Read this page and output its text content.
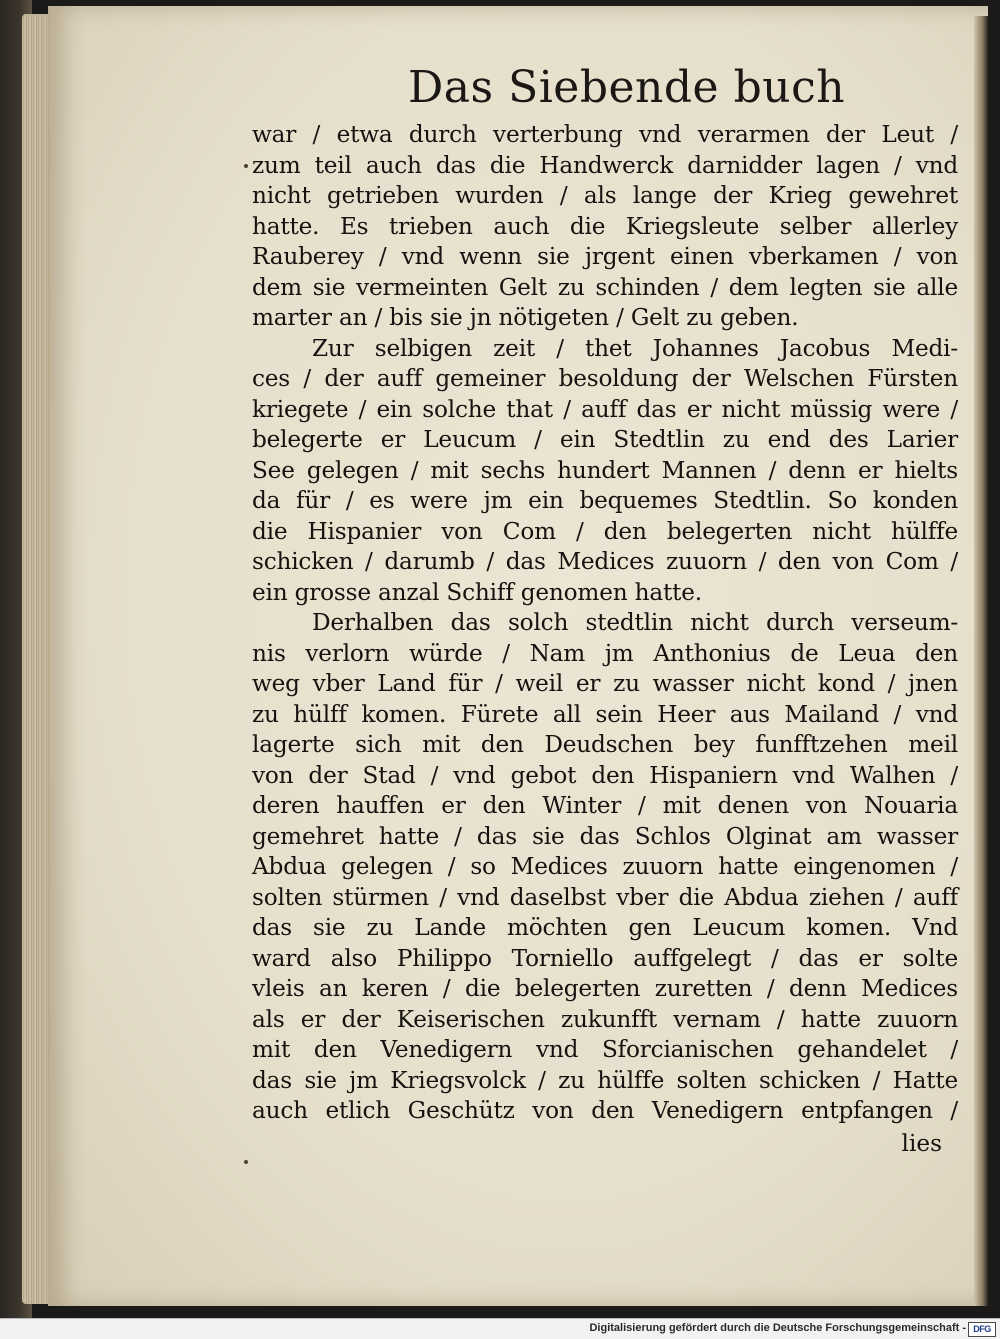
Das Siebende buch
war / etwa durch verterbung vnd verarmen der Leut /
zum teil auch das die Handwerck darnidder lagen / vnd
nicht getrieben wurden / als lange der Krieg gewehret
hatte. Es trieben auch die Kriegsleute selber allerley
Rauberey / vnd wenn sie jrgent einen vberkamen / von
dem sie vermeinten Gelt zu schinden / dem legten sie alle
marter an / bis sie jn nötigeten / Gelt zu geben.
Zur selbigen zeit / thet Johannes Jacobus Medi-
ces / der auff gemeiner besoldung der Welschen Fürsten
kriegete / ein solche that / auff das er nicht müssig were /
belegerte er Leucum / ein Stedtlin zu end des Larier
See gelegen / mit sechs hundert Mannen / denn er hielts
da für / es were jm ein bequemes Stedtlin. So konden
die Hispanier von Com / den belegerten nicht hülffe
schicken / darumb / das Medices zuuorn / den von Com /
ein grosse anzal Schiff genomen hatte.
Derhalben das solch stedtlin nicht durch verseum-
nis verlorn würde / Nam jm Anthonius de Leua den
weg vber Land für / weil er zu wasser nicht kond / jnen
zu hülff komen. Fürete all sein Heer aus Mailand / vnd
lagerte sich mit den Deudschen bey funfftzehen meil
von der Stad / vnd gebot den Hispaniern vnd Walhen /
deren hauffen er den Winter / mit denen von Nouaria
gemehret hatte / das sie das Schlos Olginat am wasser
Abdua gelegen / so Medices zuuorn hatte eingenomen /
solten stürmen / vnd daselbst vber die Abdua ziehen / auff
das sie zu Lande möchten gen Leucum komen. Vnd
ward also Philippo Torniello auffgelegt / das er solte
vleis an keren / die belegerten zuretten / denn Medices
als er der Keiserischen zukunfft vernam / hatte zuuorn
mit den Venedigern vnd Sforcianischen gehandelet /
das sie jm Kriegsvolck / zu hülffe solten schicken / Hatte
auch etlich Geschütz von den Venedigern entpfangen /
lies
Digitalisierung gefördert durch die Deutsche Forschungsgemeinschaft - DFG
